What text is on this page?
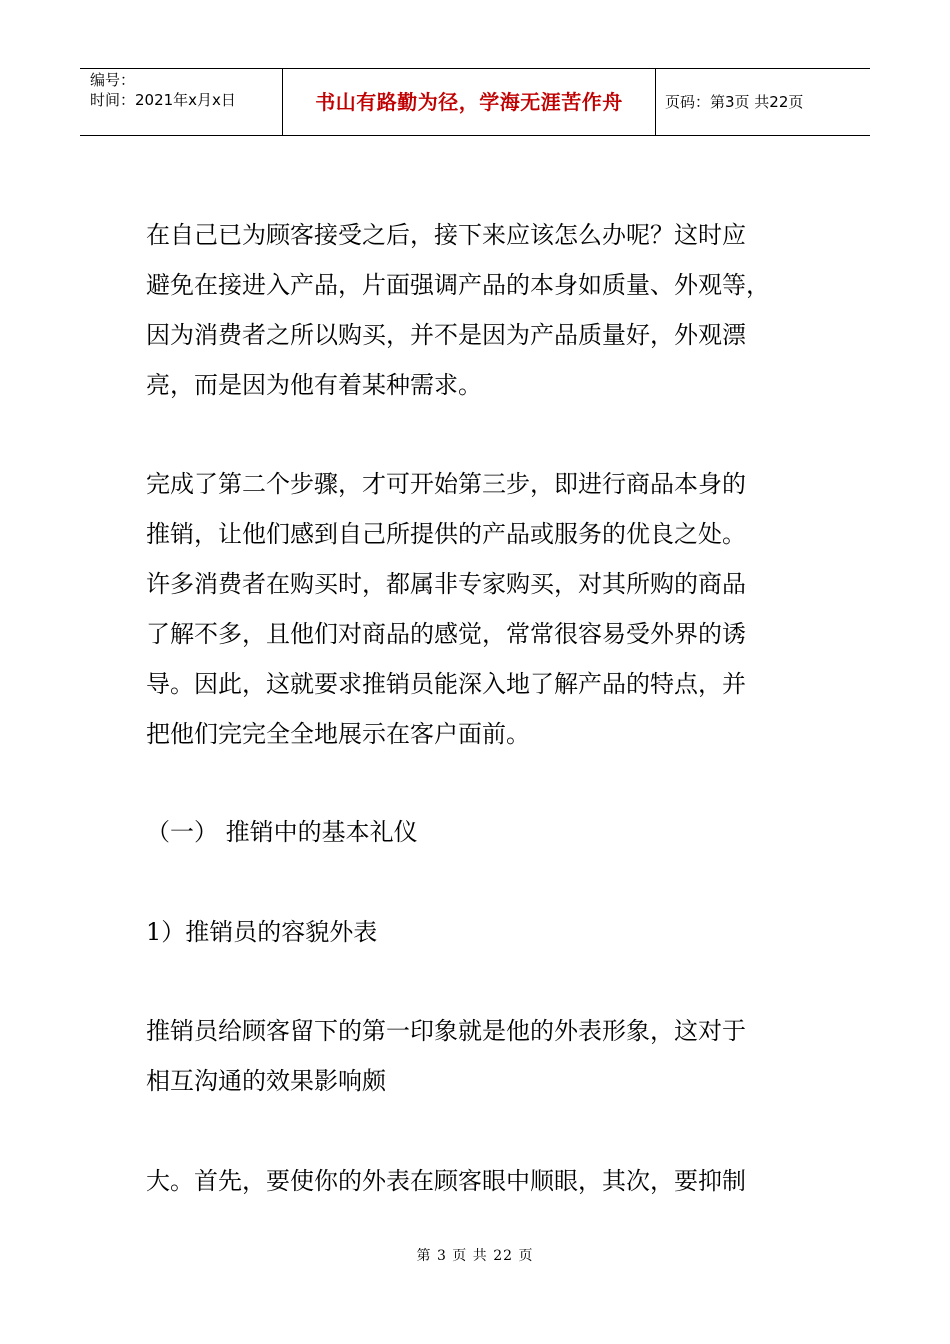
编号：
时间：2021年x月x日	书山有路勤为径，学海无涯苦作舟	页码：第3页 共22页
在自己已为顾客接受之后，接下来应该怎么办呢？这时应
避免在接进入产品，片面强调产品的本身如质量、外观等，
因为消费者之所以购买，并不是因为产品质量好，外观漂
亮，而是因为他有着某种需求。
完成了第二个步骤，才可开始第三步，即进行商品本身的
推销，让他们感到自己所提供的产品或服务的优良之处。
许多消费者在购买时，都属非专家购买，对其所购的商品
了解不多，且他们对商品的感觉，常常很容易受外界的诱
导。因此，这就要求推销员能深入地了解产品的特点，并
把他们完完全全地展示在客户面前。
（一） 推销中的基本礼仪
1）推销员的容貌外表
推销员给顾客留下的第一印象就是他的外表形象，这对于
相互沟通的效果影响颇
大。首先，要使你的外表在顾客眼中顺眼，其次，要抑制
第 3 页 共 22 页
